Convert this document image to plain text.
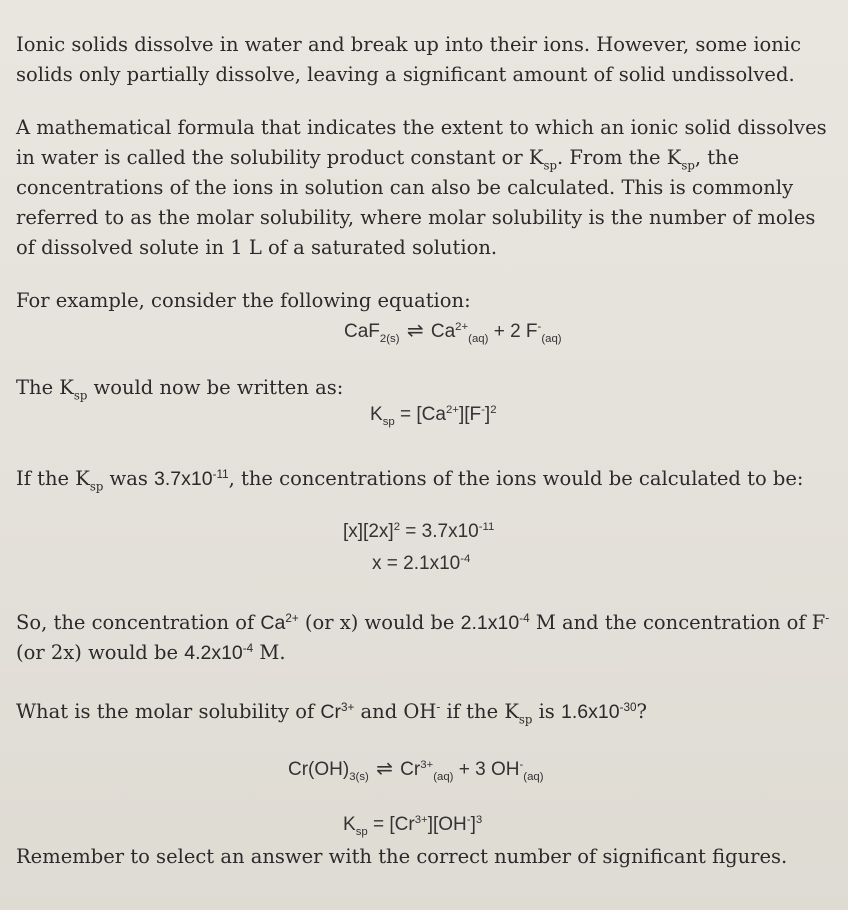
Ionic solids dissolve in water and break up into their ions. However, some ionic solids only partially dissolve, leaving a significant amount of solid undissolved.

A mathematical formula that indicates the extent to which an ionic solid dissolves in water is called the solubility product constant or $K_{sp}$. From the $K_{sp}$, the concentrations of the ions in solution can also be calculated. This is commonly referred to as the molar solubility, where molar solubility is the number of moles of dissolved solute in 1 L of a saturated solution.

For example, consider the following equation:

CaF$_{2(s)}$ ⇌ $Ca^{2+}_{(aq)} + 2$ $F^-_{(aq)}$

The $K_{sp}$ would now be written as:

$K_{sp} = [Ca^{2+}][F^-]^2$

If the $K_{sp}$ was $3.7x10^{-11}$, the concentrations of the ions would be calculated to be:

$[x][2x]^2 = 3.7x10^{-11}$
$x = 2.1x10^{-4}$

So, the concentration of $Ca^{2+}$ (or x) would be $2.1x10^{-4}$ M and the concentration of F- (or 2x) would be $4.2x10^{-4}$ M.

What is the molar solubility of $Cr^{3+}$ and OH- if the $K_{sp}$ is $1.6x10^{-30}$?

$Cr(OH)_{3(s)}$ ⇌ $Cr^{3+}_{(aq)} + 3$ $OH^-_{(aq)}$
$K_{sp} = [Cr^{3+}][OH^-]^3$

Remember to select an answer with the correct number of significant figures.
